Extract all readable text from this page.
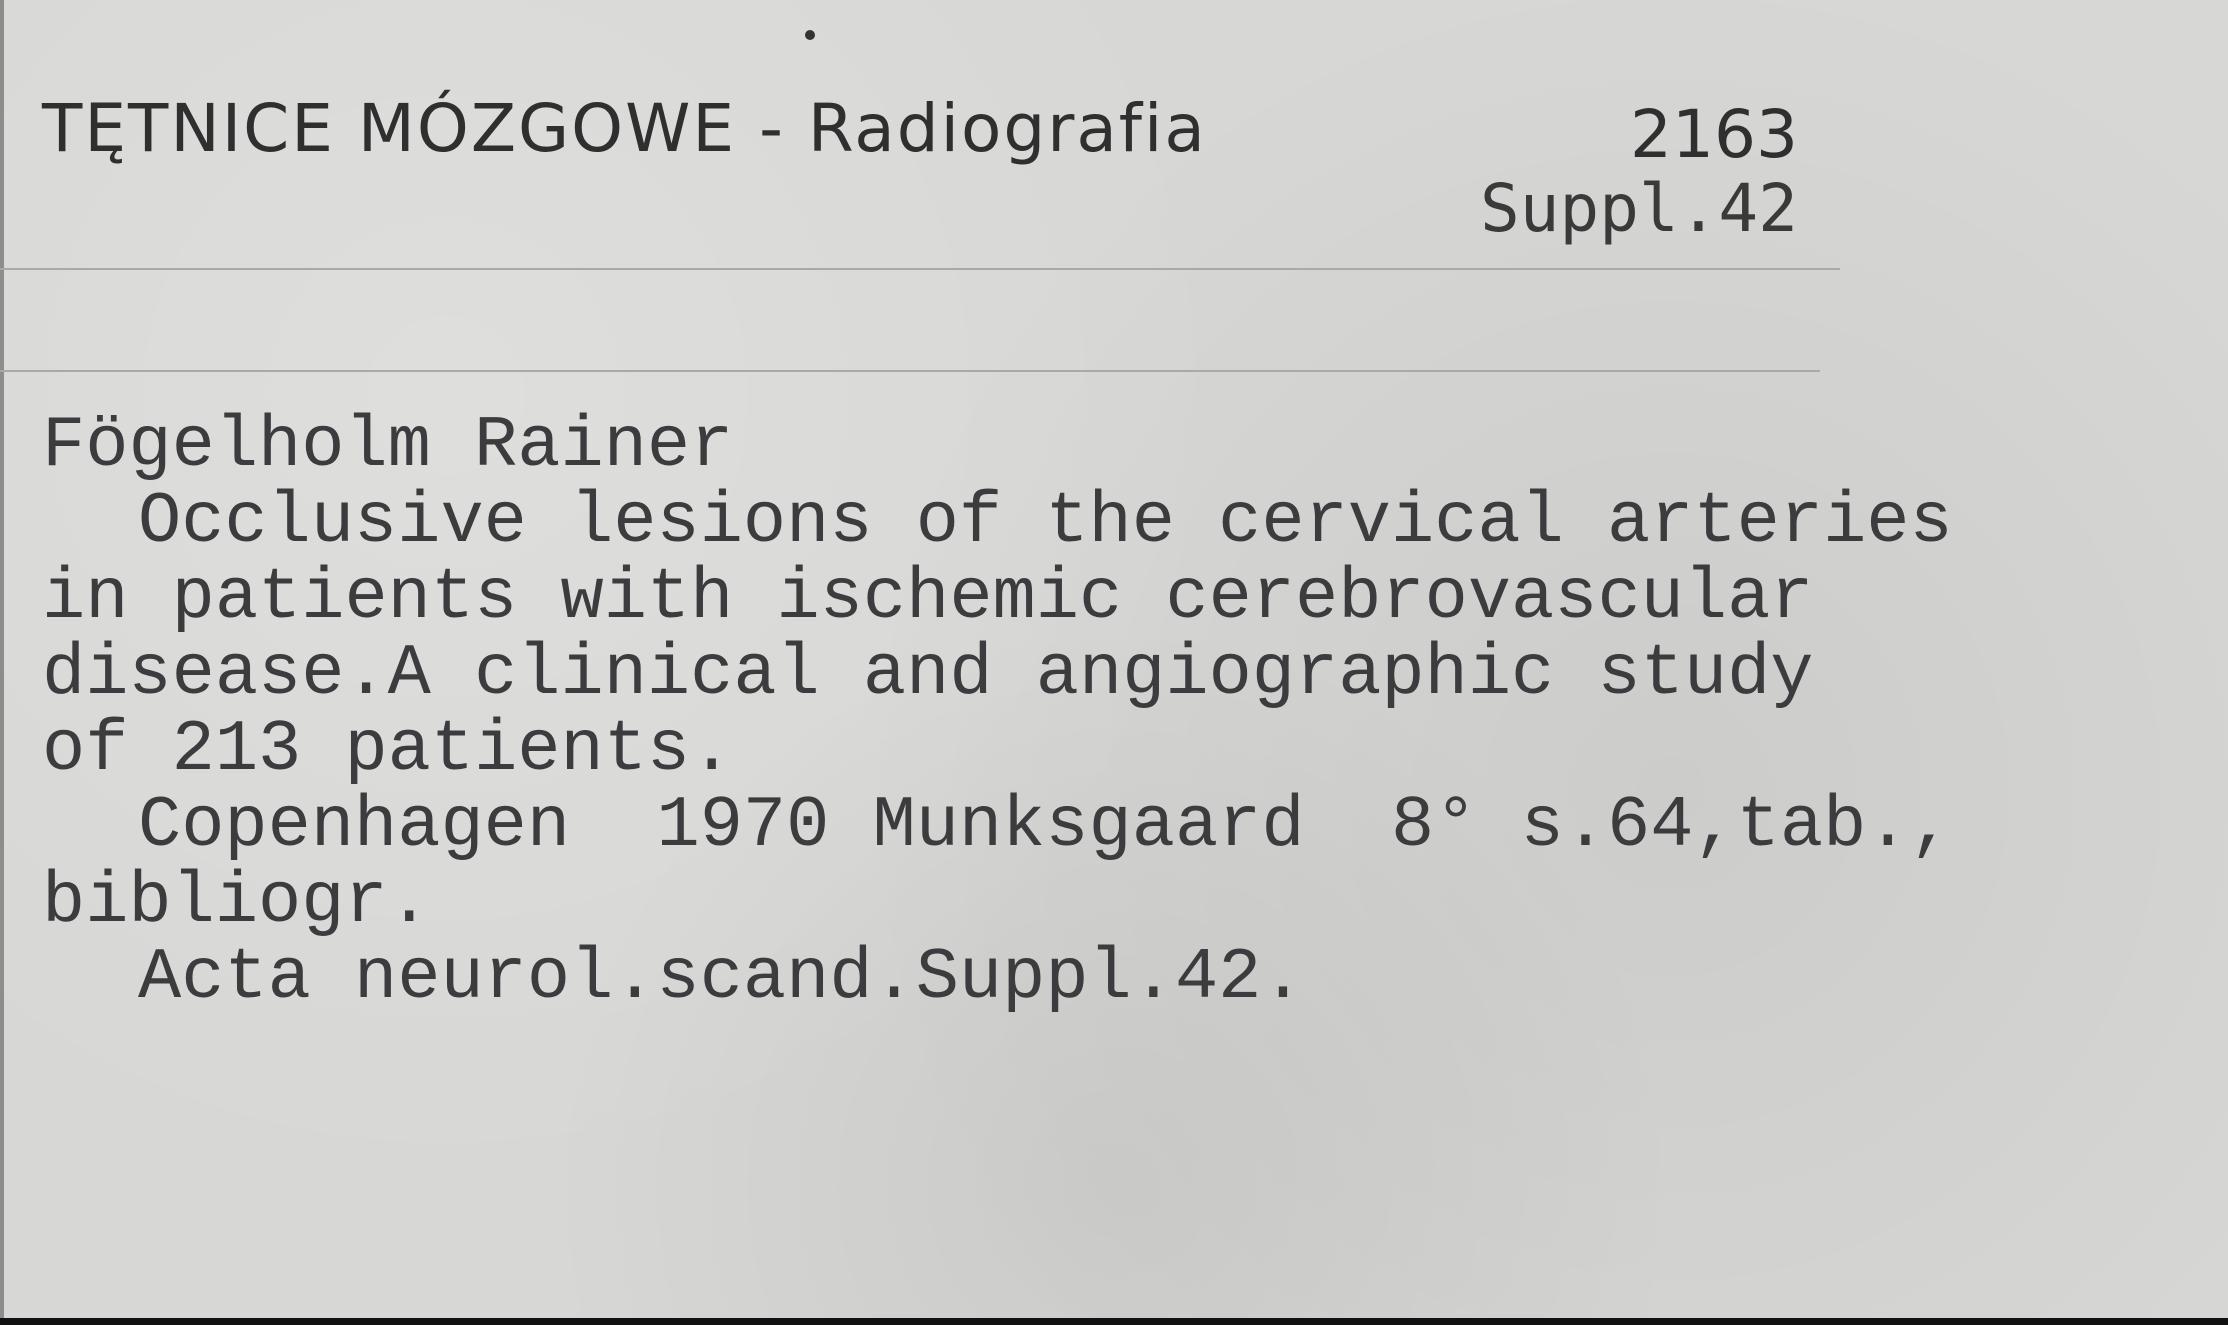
TĘTNICE MÓZGOWE - Radiografia	2163
Suppl.42
Fögelholm Rainer
Occlusive lesions of the cervical arteries
in patients with ischemic cerebrovascular
disease.A clinical and angiographic study
of 213 patients.
Copenhagen  1970 Munksgaard  8° s.64,tab.,
bibliogr.
Acta neurol.scand.Suppl.42.
